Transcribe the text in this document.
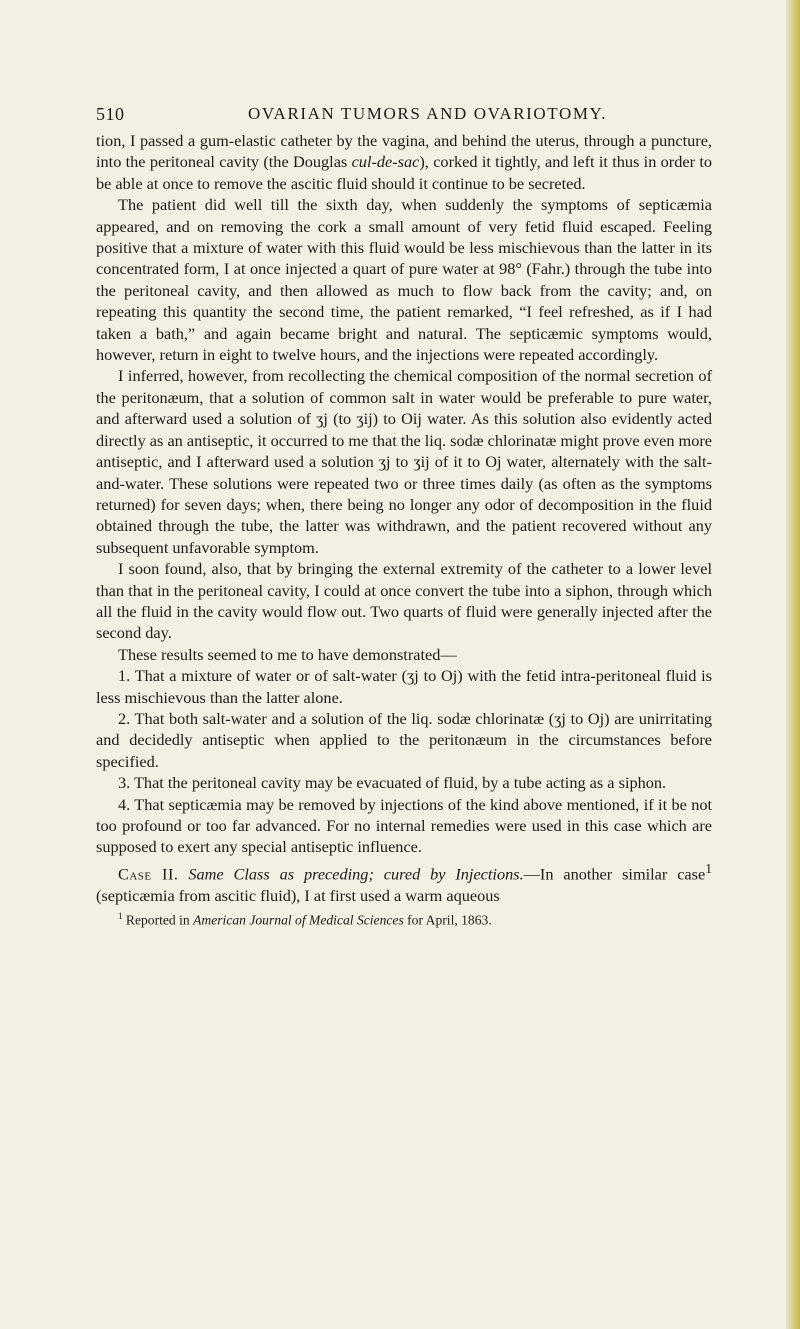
510	OVARIAN TUMORS AND OVARIOTOMY.

tion, I passed a gum-elastic catheter by the vagina, and behind the uterus, through a puncture, into the peritoneal cavity (the Douglas cul-de-sac), corked it tightly, and left it thus in order to be able at once to remove the ascitic fluid should it continue to be secreted.

The patient did well till the sixth day, when suddenly the symptoms of septicæmia appeared, and on removing the cork a small amount of very fetid fluid escaped. Feeling positive that a mixture of water with this fluid would be less mischievous than the latter in its concentrated form, I at once injected a quart of pure water at 98° (Fahr.) through the tube into the peritoneal cavity, and then allowed as much to flow back from the cavity; and, on repeating this quantity the second time, the patient remarked, “I feel refreshed, as if I had taken a bath,” and again became bright and natural. The septicæmic symptoms would, however, return in eight to twelve hours, and the injections were repeated accordingly.

I inferred, however, from recollecting the chemical composition of the normal secretion of the peritonæum, that a solution of common salt in water would be preferable to pure water, and afterward used a solution of ʒj (to ʒij) to Oij water. As this solution also evidently acted directly as an antiseptic, it occurred to me that the liq. sodæ chlorinatæ might prove even more antiseptic, and I afterward used a solution ʒj to ʒij of it to Oj water, alternately with the salt-and-water. These solutions were repeated two or three times daily (as often as the symptoms returned) for seven days; when, there being no longer any odor of decomposition in the fluid obtained through the tube, the latter was withdrawn, and the patient recovered without any subsequent unfavorable symptom.

I soon found, also, that by bringing the external extremity of the catheter to a lower level than that in the peritoneal cavity, I could at once convert the tube into a siphon, through which all the fluid in the cavity would flow out. Two quarts of fluid were generally injected after the second day.

These results seemed to me to have demonstrated—

1. That a mixture of water or of salt-water (ʒj to Oj) with the fetid intra-peritoneal fluid is less mischievous than the latter alone.

2. That both salt-water and a solution of the liq. sodæ chlorinatæ (ʒj to Oj) are unirritating and decidedly antiseptic when applied to the peritonæum in the circumstances before specified.

3. That the peritoneal cavity may be evacuated of fluid, by a tube acting as a siphon.

4. That septicæmia may be removed by injections of the kind above mentioned, if it be not too profound or too far advanced. For no internal remedies were used in this case which are supposed to exert any special antiseptic influence.

Case II. Same Class as preceding; cured by Injections.—In another similar case$^1$ (septicæmia from ascitic fluid), I at first used a warm aqueous

$^1$ Reported in American Journal of Medical Sciences for April, 1863.
